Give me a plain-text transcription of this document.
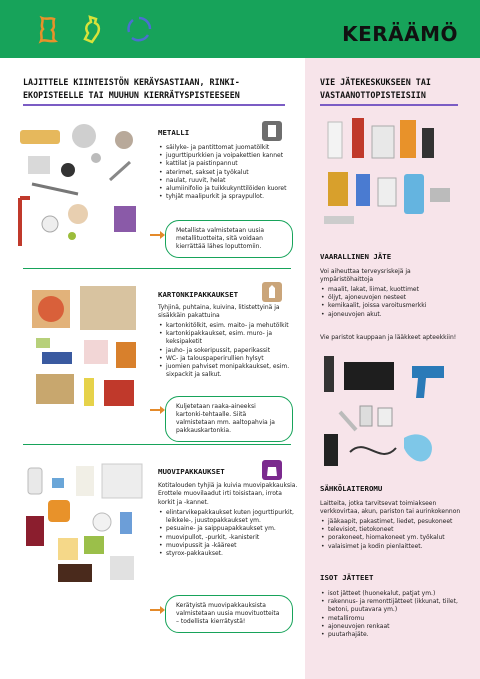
KERÄÄMÖ
LAJITTELE KIINTEISTÖN KERÄYSASTIAAN, RINKI-EKOPISTEELLE TAI MUUHUN KIERRÄTYSPISTEESEEN
VIE JÄTEKESKUKSEEN TAI VASTAANOTTOPISTEISIIN
METALLI
• säilyke- ja pantittomat juomatölkit
• jugurttipurkkien ja voipakettien kannet
• kattilat ja paistinpannut
• aterimet, sakset ja työkalut
• naulat, ruuvit, helat
• alumiinifolio ja tuikkukynttilöiden kuoret
• tyhjät maalipurkit ja spraypullot.
Metallista valmistetaan uusia metallituotteita, sitä voidaan kierrättää lähes loputtomiin.
KARTONKIPAKKAUKSET
Tyhjinä, puhtaina, kuivina, litistettyinä ja sisäkkäin pakattuina
• kartonkitölkit, esim. maito- ja mehutölkit
• kartonkipakkaukset, esim. muro- ja keksipaketit
• jauho- ja sokeripussit, paperikassit
• WC- ja talouspaperirullien hylsyt
• juomien pahviset monipakkaukset, esim. sixpackit ja salkut.
Kuljetetaan raaka-aineeksi kartonki-tehtaalle. Siitä valmistetaan mm. aaltopahvia ja pakkauskartonkia.
MUOVIPAKKAUKSET
Kotitalouden tyhjiä ja kuivia muovipakkauksia. Erottele muovilaadut irti toisistaan, irrota korkit ja -kannet.
• elintarvikepakkaukset kuten jogurttipurkit, leikkele-, juustopakkaukset ym.
• pesuaine- ja saippuapakkaukset ym.
• muovipullot, -purkit, -kanisterit
• muovipussit ja -kääreet
• styrox-pakkaukset.
Kerätyistä muovipakkauksista valmistetaan uusia muovituotteita – todellista kierrätystä!
VAARALLINEN JÄTE
Voi aiheuttaa terveysriskejä ja ympäristöhaittoja
• maalit, lakat, liimat, kuottimet
• öljyt, ajoneuvojen nesteet
• kemikaalit, joissa varoitusmerkki
• ajoneuvojen akut.
Vie paristot kauppaan ja lääkkeet apteekkiin!
SÄHKÖLAITEROMU
Laitteita, jotka tarvitsevat toimiakseen verkkovirtaa, akun, pariston tai aurinkokennon
• jääkaapit, pakastimet, liedet, pesukoneet
• televisiot, tietokoneet
• porakoneet, hiomakoneet ym. työkalut
• valaisimet ja kodin pienlaitteet.
ISOT JÄTTEET
• isot jätteet (huonekalut, patjat ym.)
• rakennus- ja remonttijätteet (ikkunat, tiilet, betoni, puutavara ym.)
• metalliromu
• ajoneuvojen renkaat
• puutarhajäte.
